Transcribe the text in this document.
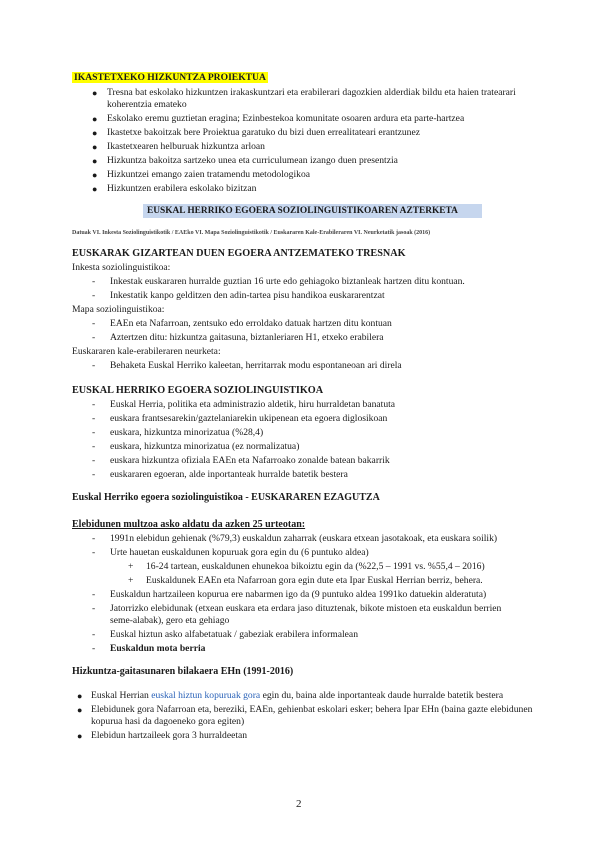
IKASTETXEKO HIZKUNTZA PROIEKTUA
● Tresna bat eskolako hizkuntzen irakaskuntzari eta erabilerari dagozkien alderdiak bildu eta haien tratearari
koherentzia emateko
● Eskolako eremu guztietan eragina; Ezinbestekoa komunitate osoaren ardura eta parte-hartzea
● Ikastetxe bakoitzak bere Proiektua garatuko du bizi duen errealitateari erantzunez
● Ikastetxearen helburuak hizkuntza arloan
● Hizkuntza bakoitza sartzeko unea eta curriculumean izango duen presentzia
● Hizkuntzei emango zaien tratamendu metodologikoa
● Hizkuntzen erabilera eskolako bizitzan
EUSKAL HERRIKO EGOERA SOZIOLINGUISTIKOAREN AZTERKETA
Datuak VI. Inkesta Soziolinguistikotik / EAEko VI. Mapa Soziolinguistikotik / Euskararen Kale-Erabileraren VI. Neurketatik jasoak (2016)
EUSKARAK GIZARTEAN DUEN EGOERA ANTZEMATEKO TRESNAK
Inkesta soziolinguistikoa:
- Inkestak euskararen hurralde guztian 16 urte edo gehiagoko biztanleak hartzen ditu kontuan.
- Inkestatik kanpo gelditzen den adin-tartea pisu handikoa euskararentzat
Mapa soziolinguistikoa:
- EAEn eta Nafarroan, zentsuko edo erroldako datuak hartzen ditu kontuan
- Aztertzen ditu: hizkuntza gaitasuna, biztanleriaren H1, etxeko erabilera
Euskararen kale-erabileraren neurketa:
- Behaketa Euskal Herriko kaleetan, herritarrak modu espontaneoan ari direla
EUSKAL HERRIKO EGOERA SOZIOLINGUISTIKOA
- Euskal Herria, politika eta administrazio aldetik, hiru hurraldetan banatuta
- euskara frantsesarekin/gaztelaniarekin ukipenean eta egoera diglosikoan
- euskara, hizkuntza minorizatua (%28,4)
- euskara, hizkuntza minorizatua (ez normalizatua)
- euskara hizkuntza ofiziala EAEn eta Nafarroako zonalde batean bakarrik
- euskararen egoeran, alde inportanteak hurralde batetik bestera
Euskal Herriko egoera soziolinguistikoa - EUSKARAREN EZAGUTZA
Elebidunen multzoa asko aldatu da azken 25 urteotan:
- 1991n elebidun gehienak (%79,3) euskaldun zaharrak (euskara etxean jasotakoak, eta euskara soilik)
- Urte hauetan euskaldunen kopuruak gora egin du (6 puntuko aldea)
+ 16-24 tartean, euskaldunen ehunekoa bikoiztu egin da (%22,5 – 1991 vs. %55,4 – 2016)
+ Euskaldunek EAEn eta Nafarroan gora egin dute eta Ipar Euskal Herrian berriz, behera.
- Euskaldun hartzaileen kopurua ere nabarmen igo da (9 puntuko aldea 1991ko datuekin alderatuta)
- Jatorrizko elebidunak (etxean euskara eta erdara jaso dituztenak, bikote mistoen eta euskaldun berrien
seme-alabak), gero eta gehiago
- Euskal hiztun asko alfabetatuak / gabeziak erabilera informalean
- Euskaldun mota berria
Hizkuntza-gaitasunaren bilakaera EHn (1991-2016)
● Euskal Herrian euskal hiztun kopuruak gora egin du, baina alde inportanteak daude hurralde batetik bestera
● Elebidunek gora Nafarroan eta, bereziki, EAEn, gehienbat eskolari esker; behera Ipar EHn (baina gazte elebidunen
kopurua hasi da dagoeneko gora egiten)
● Elebidun hartzaileek gora 3 hurraldeetan
2
